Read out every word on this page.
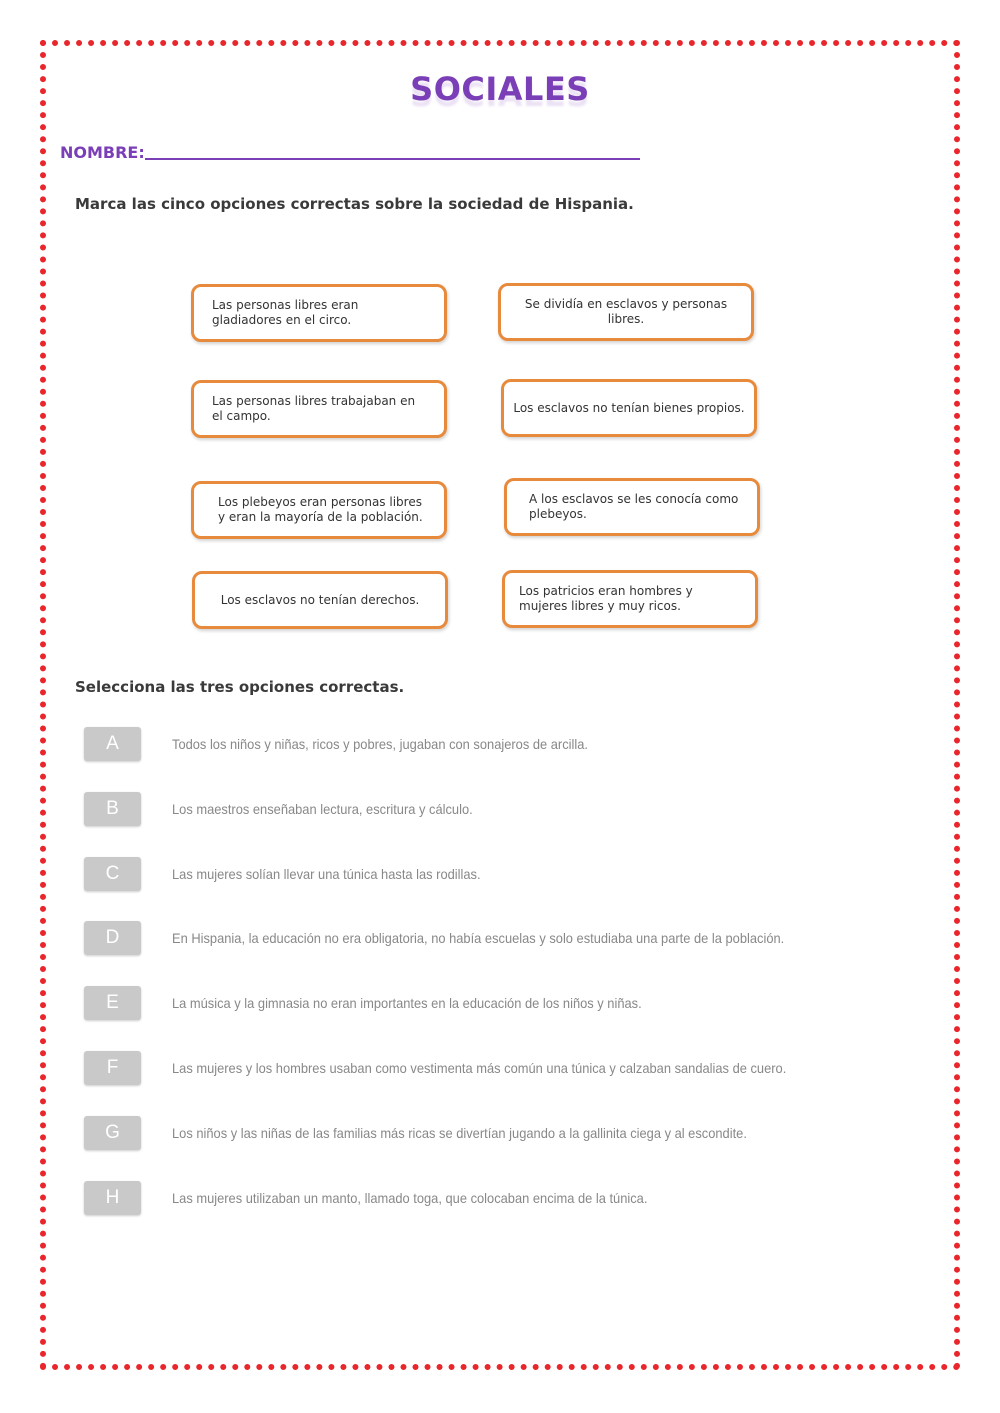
SOCIALES
NOMBRE:
Marca las cinco opciones correctas sobre la sociedad de Hispania.
Las personas libres eran gladiadores en el circo.
Se dividía en esclavos y personas libres.
Las personas libres trabajaban en el campo.
Los esclavos no tenían bienes propios.
Los plebeyos eran personas libres y eran la mayoría de la población.
A los esclavos se les conocía como plebeyos.
Los esclavos no tenían derechos.
Los patricios eran hombres y mujeres libres y muy ricos.
Selecciona las tres opciones correctas.
A	Todos los niños y niñas, ricos y pobres, jugaban con sonajeros de arcilla.
B	Los maestros enseñaban lectura, escritura y cálculo.
C	Las mujeres solían llevar una túnica hasta las rodillas.
D	En Hispania, la educación no era obligatoria, no había escuelas y solo estudiaba una parte de la población.
E	La música y la gimnasia no eran importantes en la educación de los niños y niñas.
F	Las mujeres y los hombres usaban como vestimenta más común una túnica y calzaban sandalias de cuero.
G	Los niños y las niñas de las familias más ricas se divertían jugando a la gallinita ciega y al escondite.
H	Las mujeres utilizaban un manto, llamado toga, que colocaban encima de la túnica.
